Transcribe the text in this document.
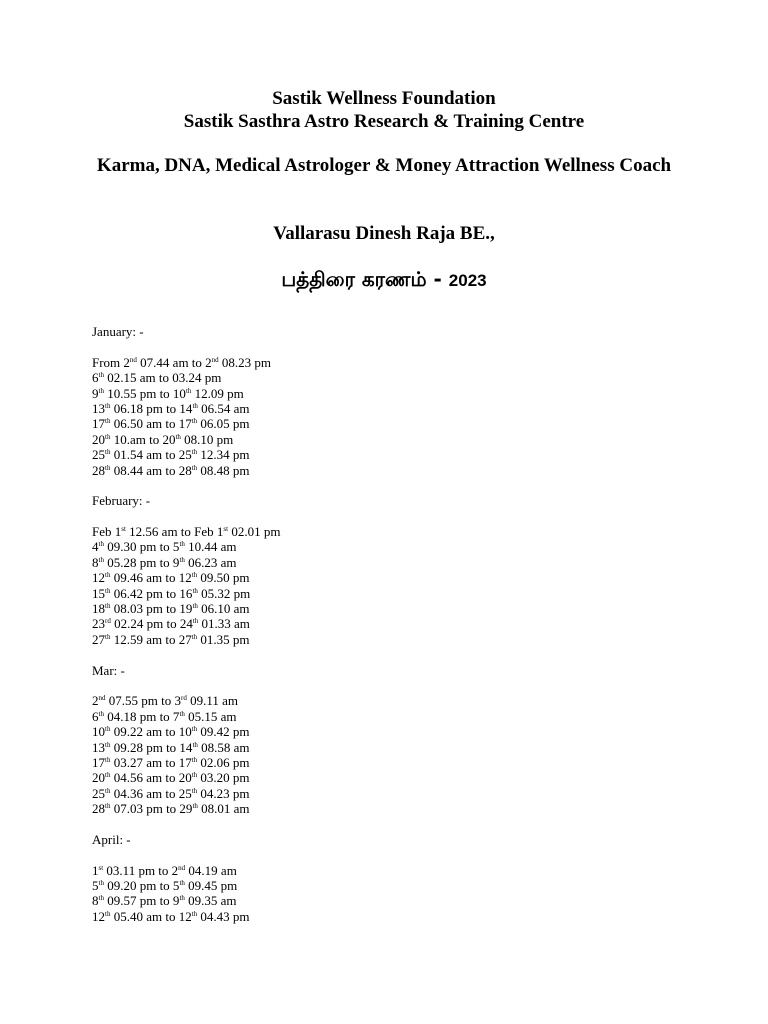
Sastik Wellness Foundation
Sastik Sasthra Astro Research & Training Centre
Karma, DNA, Medical Astrologer & Money Attraction Wellness Coach
Vallarasu Dinesh Raja BE.,
பத்திரை கரணம் - 2023
January: -
From 2nd 07.44 am to 2nd 08.23 pm
6th 02.15 am to 03.24 pm
9th 10.55 pm to 10th 12.09 pm
13th 06.18 pm to 14th 06.54 am
17th 06.50 am to 17th 06.05 pm
20th 10.am to 20th 08.10 pm
25th 01.54 am to 25th 12.34 pm
28th 08.44 am to 28th 08.48 pm
February: -
Feb 1st 12.56 am to Feb 1st 02.01 pm
4th 09.30 pm to 5th 10.44 am
8th 05.28 pm to 9th 06.23 am
12th 09.46 am to 12th 09.50 pm
15th 06.42 pm to 16th 05.32 pm
18th 08.03 pm to 19th 06.10 am
23rd 02.24 pm to 24th 01.33 am
27th 12.59 am to 27th 01.35 pm
Mar: -
2nd 07.55 pm to 3rd 09.11 am
6th 04.18 pm to 7th 05.15 am
10th 09.22 am to 10th 09.42 pm
13th 09.28 pm to 14th 08.58 am
17th 03.27 am to 17th 02.06 pm
20th 04.56 am to 20th 03.20 pm
25th 04.36 am to 25th 04.23 pm
28th 07.03 pm to 29th 08.01 am
April: -
1st 03.11 pm to 2nd 04.19 am
5th 09.20 pm to 5th 09.45 pm
8th 09.57 pm to 9th 09.35 am
12th 05.40 am to 12th 04.43 pm
